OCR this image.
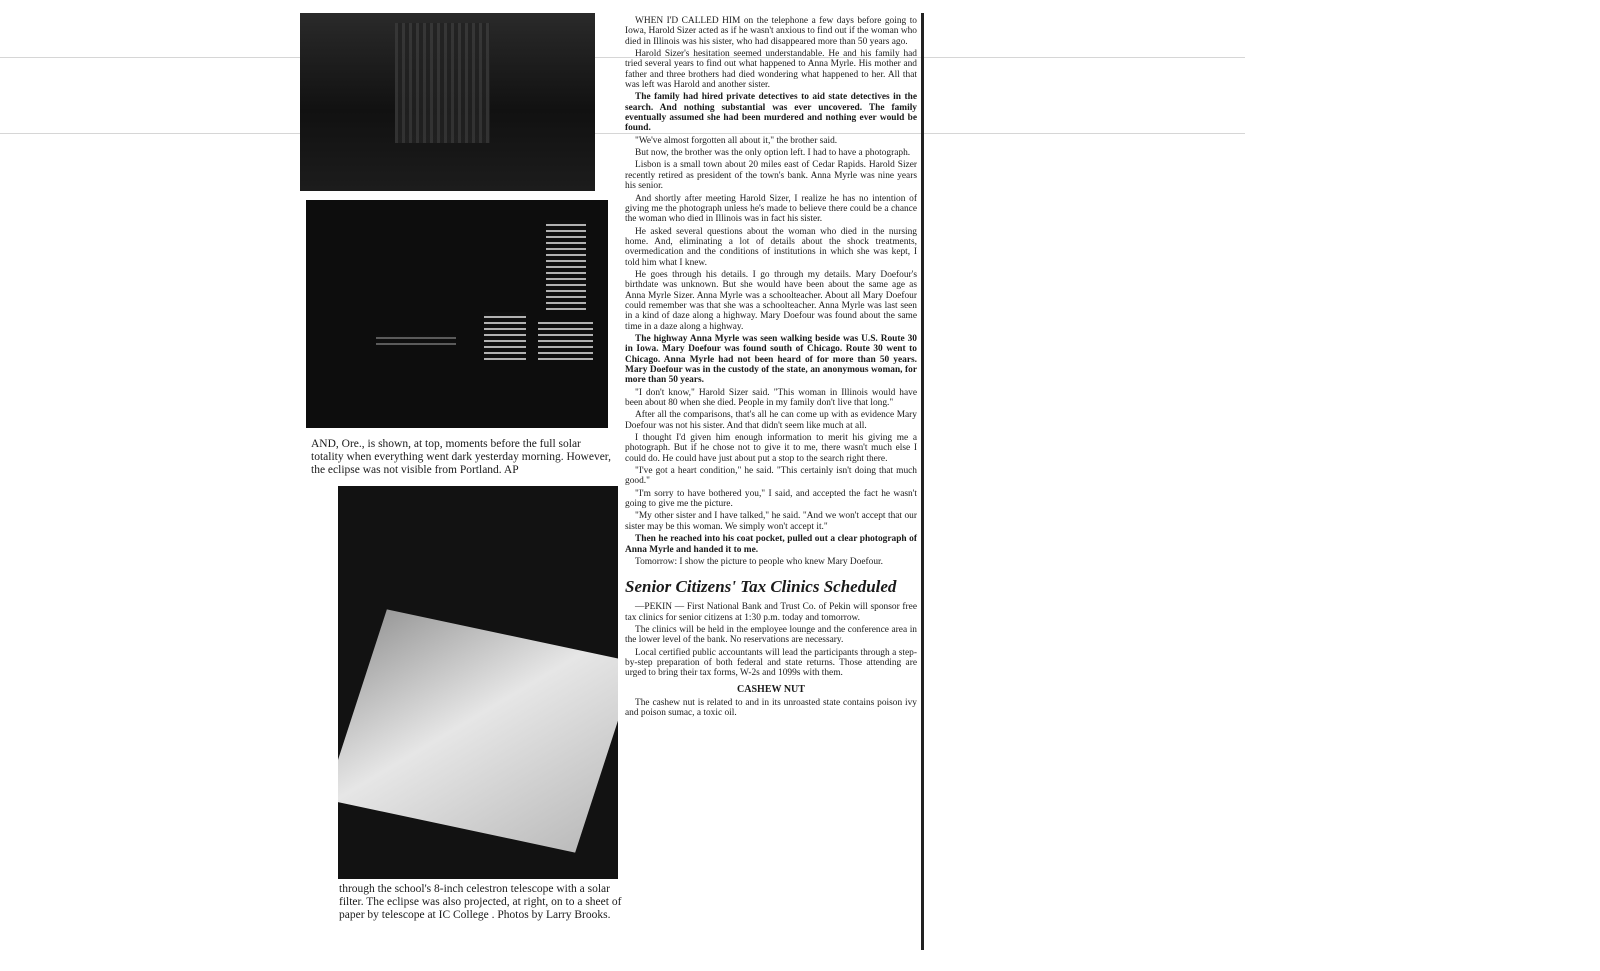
AND, Ore., is shown, at top, moments before the full solar totality when everything went dark yesterday morning. However, the eclipse was not visible from Portland. AP
through the school's 8-inch celestron telescope with a solar filter. The eclipse was also projected, at right, on to a sheet of paper by telescope at IC College . Photos by Larry Brooks.

WHEN I'D CALLED HIM on the telephone a few days before going to Iowa, Harold Sizer acted as if he wasn't anxious to find out if the woman who died in Illinois was his sister, who had disappeared more than 50 years ago.

Harold Sizer's hesitation seemed understandable. He and his family had tried several years to find out what happened to Anna Myrle. His mother and father and three brothers had died wondering what happened to her. All that was left was Harold and another sister.

The family had hired private detectives to aid state detectives in the search. And nothing substantial was ever uncovered. The family eventually assumed she had been murdered and nothing ever would be found.

"We've almost forgotten all about it," the brother said.

But now, the brother was the only option left. I had to have a photograph.

Lisbon is a small town about 20 miles east of Cedar Rapids. Harold Sizer recently retired as president of the town's bank. Anna Myrle was nine years his senior.

And shortly after meeting Harold Sizer, I realize he has no intention of giving me the photograph unless he's made to believe there could be a chance the woman who died in Illinois was in fact his sister.

He asked several questions about the woman who died in the nursing home. And, eliminating a lot of details about the shock treatments, overmedication and the conditions of institutions in which she was kept, I told him what I knew.

He goes through his details. I go through my details. Mary Doefour's birthdate was unknown. But she would have been about the same age as Anna Myrle Sizer. Anna Myrle was a schoolteacher. About all Mary Doefour could remember was that she was a schoolteacher. Anna Myrle was last seen in a kind of daze along a highway. Mary Doefour was found about the same time in a daze along a highway.

The highway Anna Myrle was seen walking beside was U.S. Route 30 in Iowa. Mary Doefour was found south of Chicago. Route 30 went to Chicago. Anna Myrle had not been heard of for more than 50 years. Mary Doefour was in the custody of the state, an anonymous woman, for more than 50 years.

"I don't know," Harold Sizer said. "This woman in Illinois would have been about 80 when she died. People in my family don't live that long."

After all the comparisons, that's all he can come up with as evidence Mary Doefour was not his sister. And that didn't seem like much at all.

I thought I'd given him enough information to merit his giving me a photograph. But if he chose not to give it to me, there wasn't much else I could do. He could have just about put a stop to the search right there.

"I've got a heart condition," he said. "This certainly isn't doing that much good."

"I'm sorry to have bothered you," I said, and accepted the fact he wasn't going to give me the picture.

"My other sister and I have talked," he said. "And we won't accept that our sister may be this woman. We simply won't accept it."

Then he reached into his coat pocket, pulled out a clear photograph of Anna Myrle and handed it to me.

Tomorrow: I show the picture to people who knew Mary Doefour.

Senior Citizens' Tax Clinics Scheduled

—PEKIN — First National Bank and Trust Co. of Pekin will sponsor free tax clinics for senior citizens at 1:30 p.m. today and tomorrow.

The clinics will be held in the employee lounge and the conference area in the lower level of the bank. No reservations are necessary.

Local certified public accountants will lead the participants through a step-by-step preparation of both federal and state returns. Those attending are urged to bring their tax forms, W-2s and 1099s with them.

CASHEW NUT

The cashew nut is related to and in its unroasted state contains poison ivy and poison sumac, a toxic oil.
